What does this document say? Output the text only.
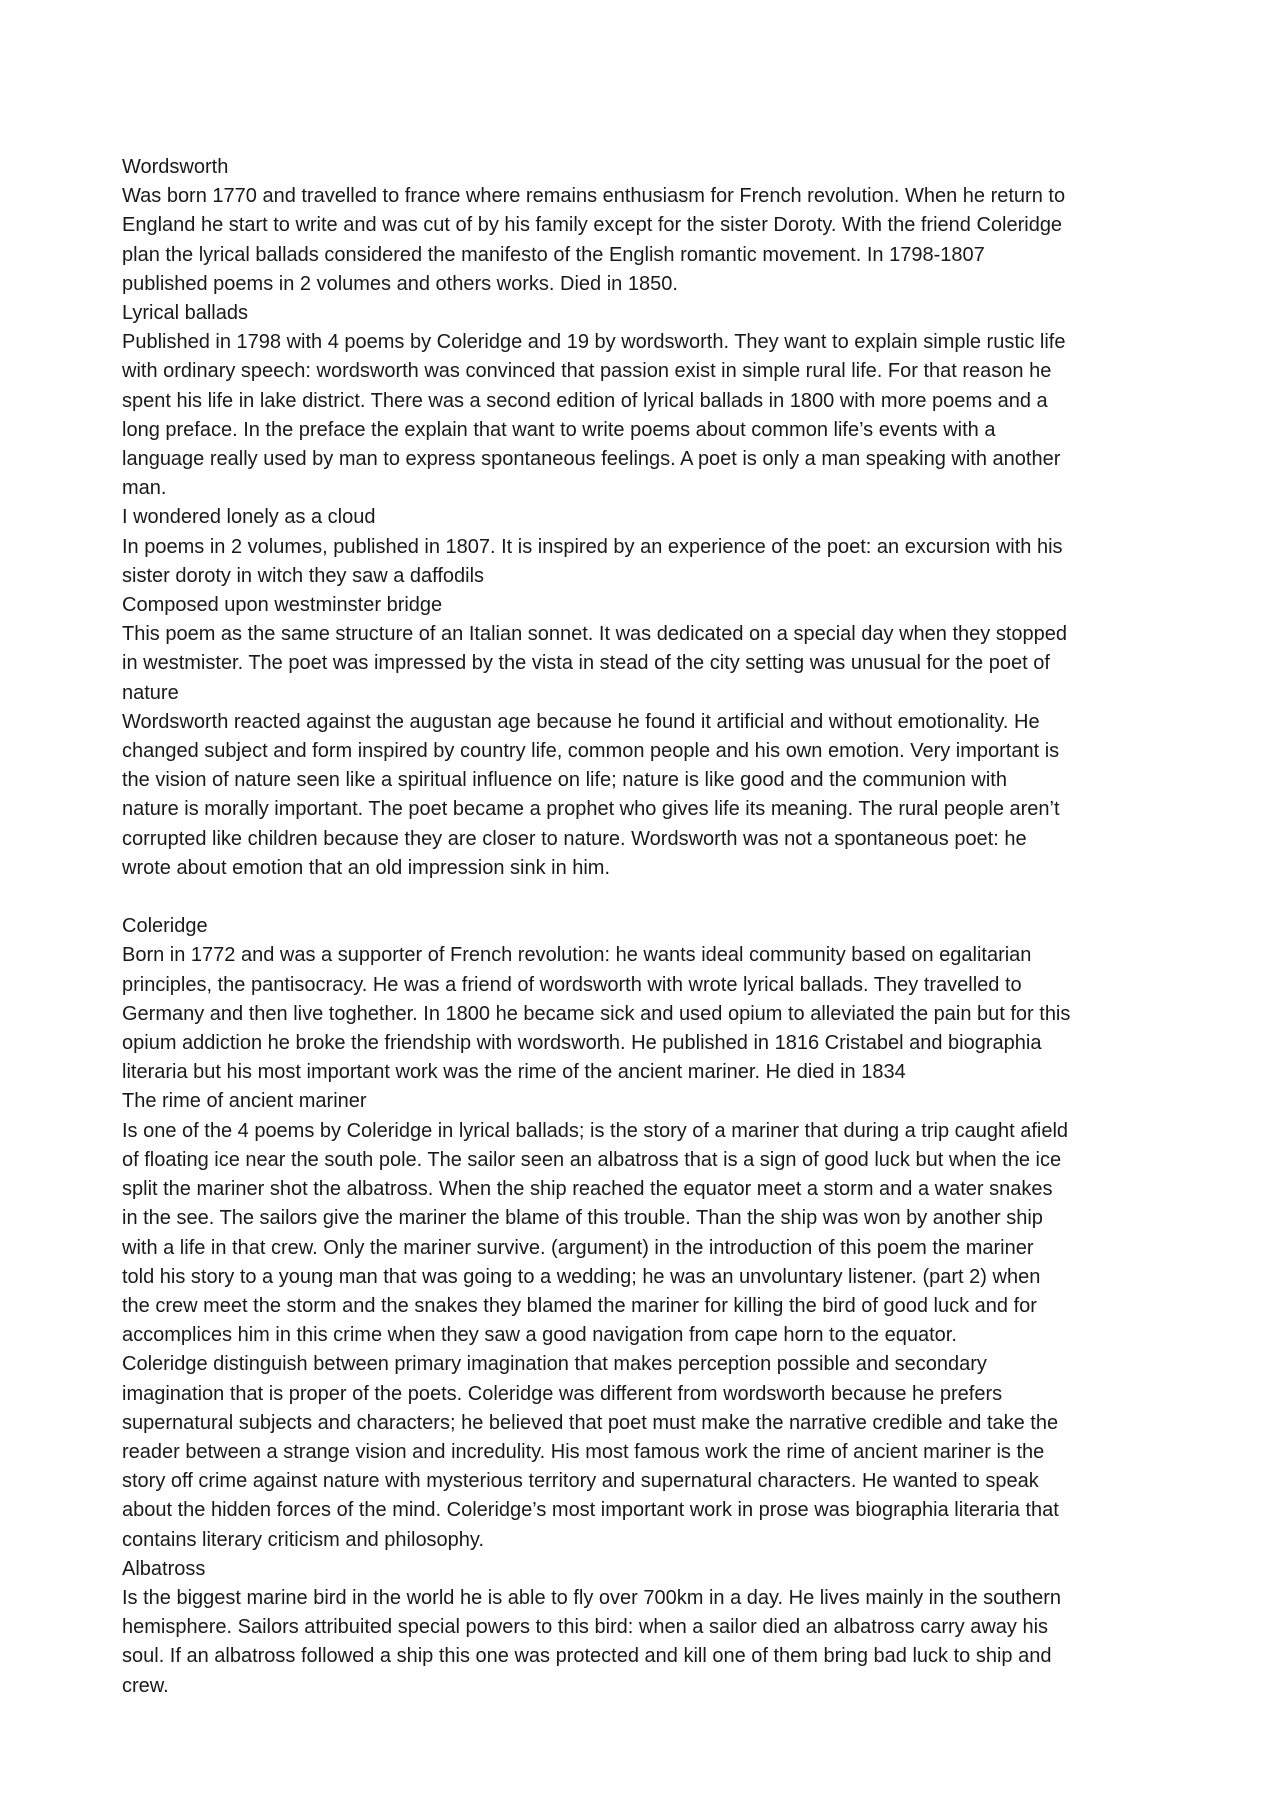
Wordsworth
Was born 1770 and travelled to france where remains enthusiasm for French revolution. When he return to
England he start to write and was cut of by his family except for the sister Doroty. With the friend Coleridge
plan the lyrical ballads considered the manifesto of the English romantic movement. In 1798-1807
published poems in 2 volumes and others works. Died in 1850.
Lyrical ballads
Published in 1798 with 4 poems by Coleridge and 19 by wordsworth. They want to explain simple rustic life
with ordinary speech: wordsworth was convinced that passion exist in simple rural life. For that reason he
spent his life in lake district. There was a second edition of lyrical ballads in 1800 with more poems and a
long preface. In the preface the explain that want to write poems about common life’s events with a
language really used by man to express spontaneous feelings. A poet is only a man speaking with another
man.
I wondered lonely as a cloud
In poems in 2 volumes, published in 1807. It is inspired by an experience of the poet: an excursion with his
sister doroty in witch they saw a daffodils
Composed upon westminster bridge
This poem as the same structure of an Italian sonnet. It was dedicated on a special day when they stopped
in westmister. The poet was impressed by the vista in stead of the city setting was unusual for the poet of
nature
Wordsworth reacted against the augustan age because he found it artificial and without emotionality. He
changed subject and form inspired by country life, common people and his own emotion. Very important is
the vision of nature seen like a spiritual influence on life; nature is like good and the communion with
nature is morally important. The poet became a prophet who gives life its meaning. The rural people aren’t
corrupted like children because they are closer to nature. Wordsworth was not a spontaneous poet: he
wrote about emotion that an old impression sink in him.
Coleridge
Born in 1772 and was a supporter of French revolution: he wants ideal community based on egalitarian
principles, the pantisocracy. He was a friend of wordsworth with wrote lyrical ballads. They travelled to
Germany and then live toghether. In 1800 he became sick and used opium to alleviated the pain but for this
opium addiction he broke the friendship with wordsworth. He published in 1816 Cristabel and biographia
literaria but his most important work was the rime of the ancient mariner. He died in 1834
The rime of ancient mariner
Is one of the 4 poems by Coleridge in lyrical ballads; is the story of a mariner that during a trip caught afield
of floating ice near the south pole. The sailor seen an albatross that is a sign of good luck but when the ice
split the mariner shot the albatross. When the ship reached the equator meet a storm and a water snakes
in the see. The sailors give the mariner the blame of this trouble. Than the ship was won by another ship
with a life in that crew. Only the mariner survive. (argument) in the introduction of this poem the mariner
told his story to a young man that was going to a wedding; he was an unvoluntary listener. (part 2) when
the crew meet the storm and the snakes they blamed the mariner for killing the bird of good luck and for
accomplices him in this crime when they saw a good navigation from cape horn to the equator.
Coleridge distinguish between primary imagination that makes perception possible and secondary
imagination that is proper of the poets. Coleridge was different from wordsworth because he prefers
supernatural subjects and characters; he believed that poet must make the narrative credible and take the
reader between a strange vision and incredulity. His most famous work the rime of ancient mariner is the
story off crime against nature with mysterious territory and supernatural characters. He wanted to speak
about the hidden forces of the mind. Coleridge’s most important work in prose was biographia literaria that
contains literary criticism and philosophy.
Albatross
Is the biggest marine bird in the world he is able to fly over 700km in a day. He lives mainly in the southern
hemisphere. Sailors attribuited special powers to this bird: when a sailor died an albatross carry away his
soul. If an albatross followed a ship this one was protected and kill one of them bring bad luck to ship and
crew.
